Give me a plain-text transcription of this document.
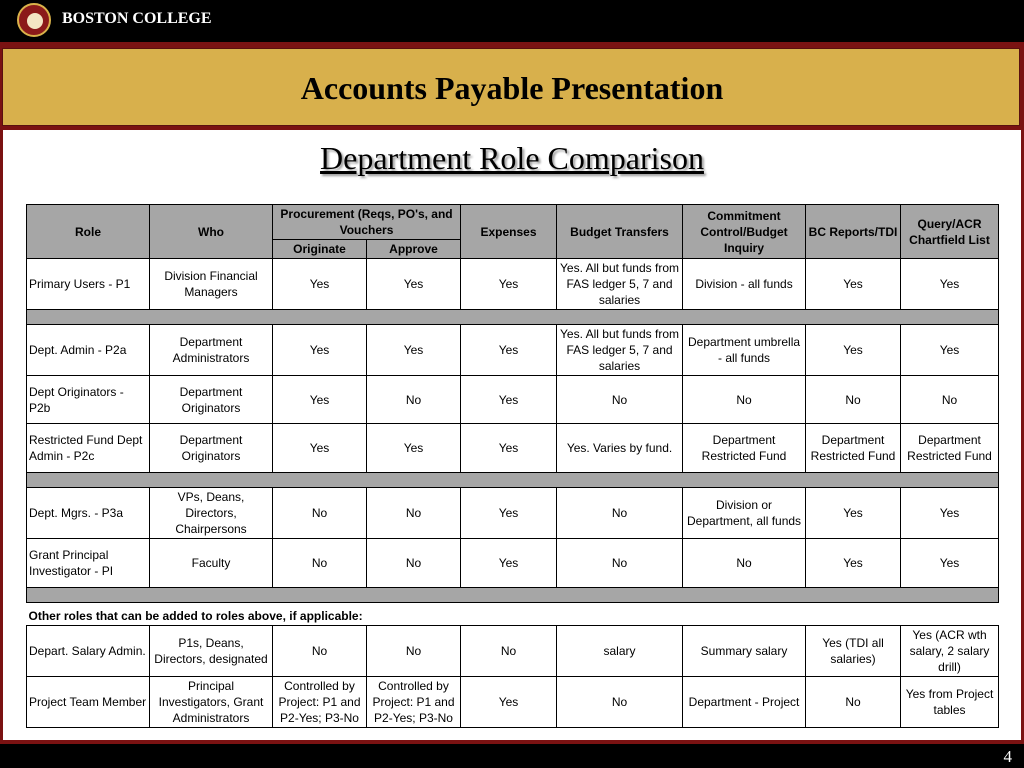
BOSTON COLLEGE
Accounts Payable Presentation
Department Role Comparison
Role	Who	Procurement (Reqs, PO's, and Vouchers		Expenses	Budget Transfers	Commitment Control/Budget Inquiry	BC Reports/TDI	Query/ACR Chartfield List
		Originate	Approve					
Primary Users - P1	Division Financial Managers	Yes	Yes	Yes	Yes. All but funds from FAS ledger 5, 7 and salaries	Division - all funds	Yes	Yes

Dept. Admin - P2a	Department Administrators	Yes	Yes	Yes	Yes. All but funds from FAS ledger 5, 7 and salaries	Department umbrella - all funds	Yes	Yes
Dept Originators - P2b	Department Originators	Yes	No	Yes	No	No	No	No
Restricted Fund Dept Admin - P2c	Department Originators	Yes	Yes	Yes	Yes. Varies by fund.	Department Restricted Fund	Department Restricted Fund	Department Restricted Fund

Dept. Mgrs. - P3a	VPs, Deans, Directors, Chairpersons	No	No	Yes	No	Division or Department, all funds	Yes	Yes
Grant Principal Investigator - PI	Faculty	No	No	Yes	No	No	Yes	Yes

Other roles that can be added to roles above, if applicable:								
Depart. Salary Admin.	P1s, Deans, Directors, designated	No	No	No	salary	Summary salary	Yes (TDI all salaries)	Yes (ACR wth salary, 2 salary drill)
Project Team Member	Principal Investigators, Grant Administrators	Controlled by Project: P1 and P2-Yes; P3-No	Controlled by Project: P1 and P2-Yes; P3-No	Yes	No	Department - Project	No	Yes from Project tables
4
